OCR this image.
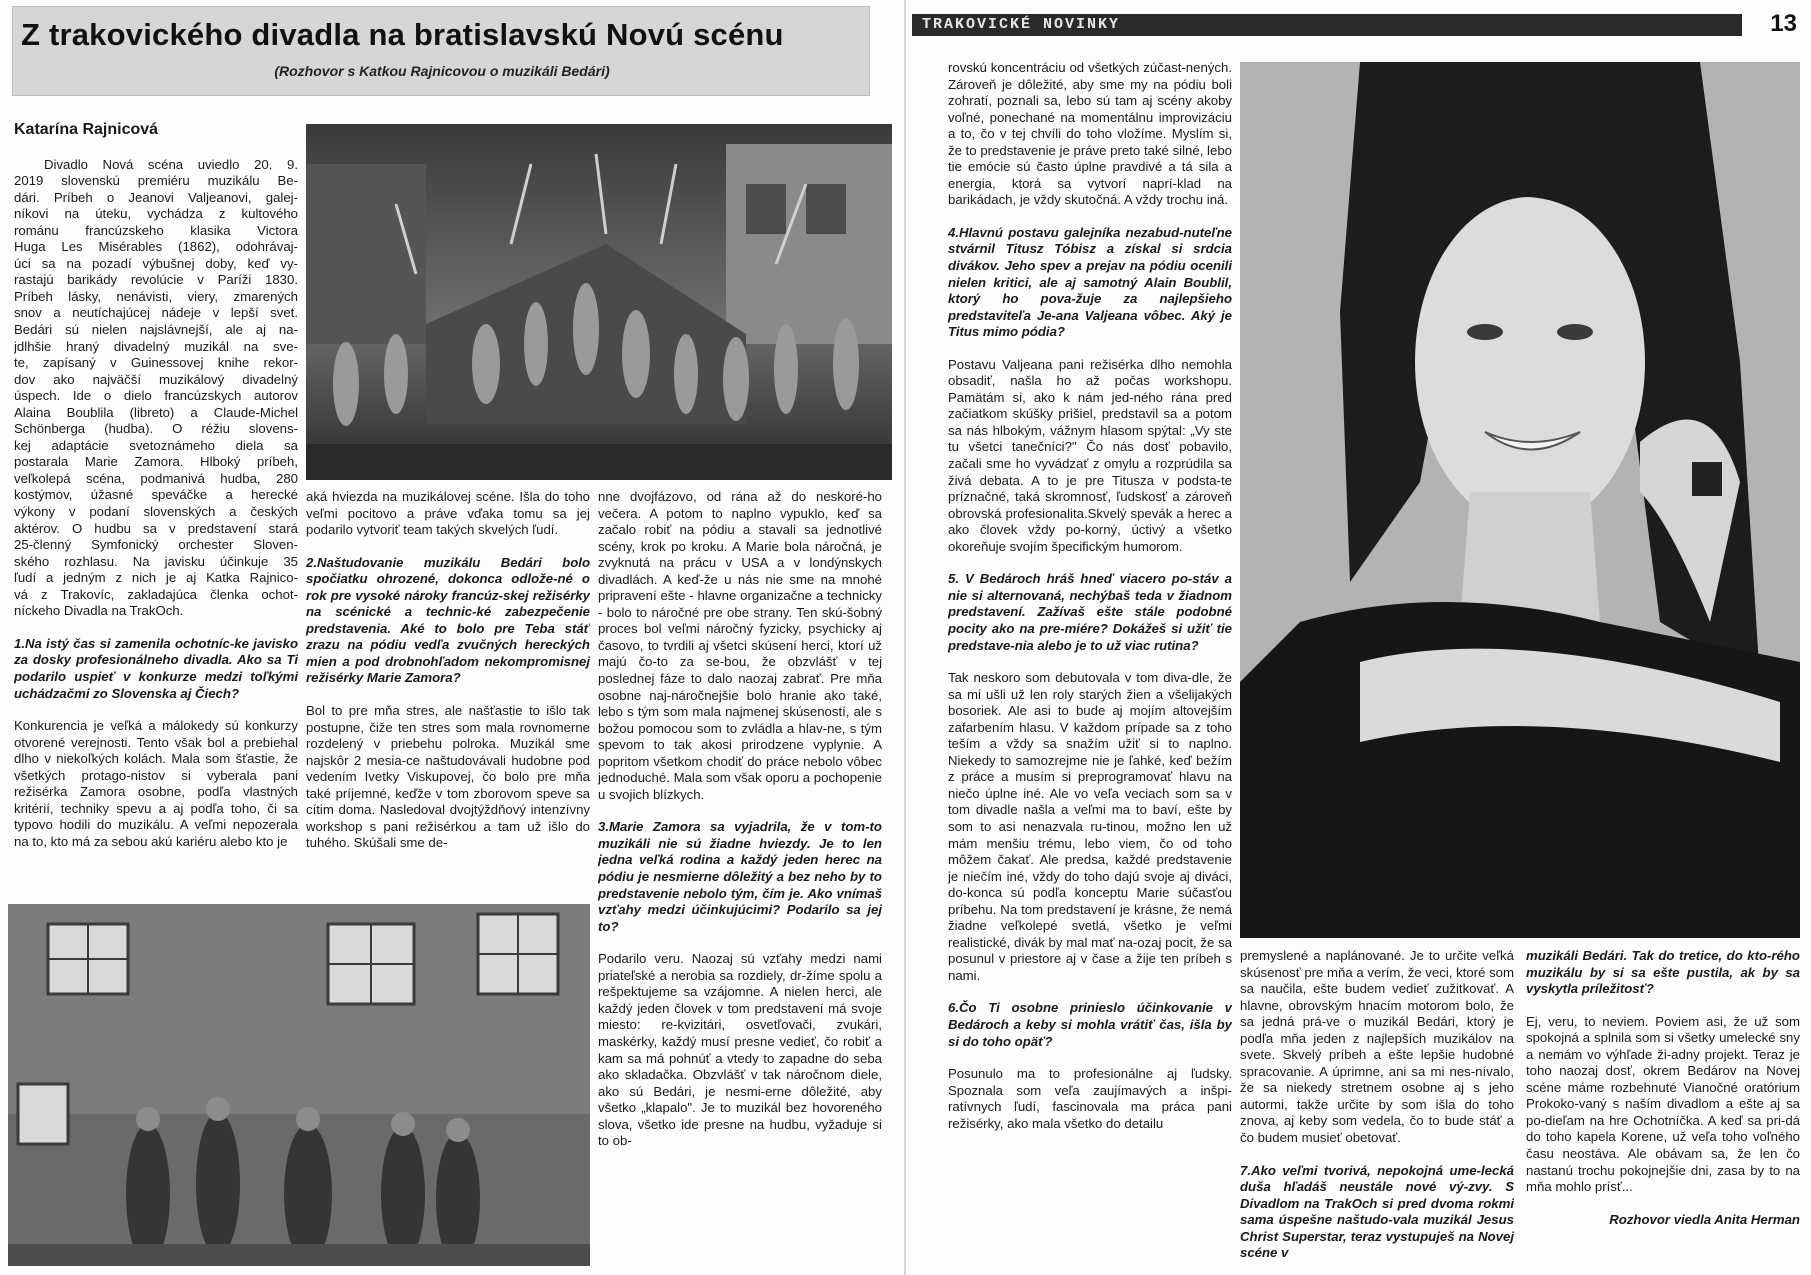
Z trakovického divadla na bratislavskú Novú scénu
(Rozhovor s Katkou Rajnicovou o muzikáli Bedári)
Katarína Rajnicová
Divadlo Nová scéna uviedlo 20. 9.
2019 slovenskú premiéru muzikálu Be-
dári. Príbeh o Jeanovi Valjeanovi, galej-
níkovi na úteku, vychádza z kultového
románu francúzskeho klasika Victora
Huga Les Misérables (1862), odohrávaj-
úci sa na pozadí výbušnej doby, keď vy-
rastajú barikády revolúcie v Paríži 1830.
Príbeh lásky, nenávisti, viery, zmarených
snov a neutíchajúcej nádeje v lepší svet.
Bedári sú nielen najslávnejší, ale aj na-
jdlhšie hraný divadelný muzikál na sve-
te, zapísaný v Guinessovej knihe rekor-
dov ako najväčší muzikálový divadelný
úspech. Ide o dielo francúzskych autorov
Alaina Boublila (libreto) a Claude-Michel
Schönberga (hudba). O réžiu slovens-
kej adaptácie svetoznámeho diela sa
postarala Marie Zamora. Hlboký príbeh,
veľkolepá scéna, podmanivá hudba, 280
kostýmov, úžasné speváčke a herecké
výkony v podaní slovenských a českých
aktérov. O hudbu sa v predstavení stará
25-členný Symfonický orchester Sloven-
ského rozhlasu. Na javisku účinkuje 35
ľudí a jedným z nich je aj Katka Rajnico-
vá z Trakovíc, zakladajúca členka ochot-
níckeho Divadla na TrakOch.

1.Na istý čas si zamenila ochotníc-ke javisko za dosky profesionálneho divadla. Ako sa Ti podarilo uspieť v konkurze medzi toľkými uchádzačmi zo Slovenska aj Čiech?

Konkurencia je veľká a málokedy sú konkurzy otvorené verejnosti. Tento však bol a prebiehal dlho v niekoľkých kolách. Mala som šťastie, že všetkých protago-nistov si vyberala pani režisérka Zamora osobne, podľa vlastných kritérií, techniky spevu a aj podľa toho, či sa typovo hodili do muzikálu. A veľmi nepozerala na to, kto má za sebou akú kariéru alebo kto je

aká hviezda na muzikálovej scéne. Išla do toho veľmi pocitovo a práve vďaka tomu sa jej podarilo vytvoriť team takých skvelých ľudí.

2.Naštudovanie muzikálu Bedári bolo spočiatku ohrozené, dokonca odlože-né o rok pre vysoké nároky francúz-skej režisérky na scénické a technic-ké zabezpečenie predstavenia. Aké to bolo pre Teba stáť zrazu na pódiu vedľa zvučných hereckých mien a pod drobnohľadom nekompromisnej režisérky Marie Zamora?

Bol to pre mňa stres, ale našťastie to išlo tak postupne, čiže ten stres som mala rovnomerne rozdelený v priebehu polroka. Muzikál sme najskôr 2 mesia-ce naštudovávali hudobne pod vedením Ivetky Viskupovej, čo bolo pre mňa také príjemné, keďže v tom zborovom speve sa cítim doma. Nasledoval dvojtýždňový intenzívny workshop s pani režisérkou a tam už išlo do tuhého. Skúšali sme de-

nne dvojfázovo, od rána až do neskoré-ho večera. A potom to naplno vypuklo, keď sa začalo robiť na pódiu a stavali sa jednotlivé scény, krok po kroku. A Marie bola náročná, je zvyknutá na prácu v USA a v londýnskych divadlách. A keď-že u nás nie sme na mnohé pripravení ešte - hlavne organizačne a technicky - bolo to náročné pre obe strany. Ten skú-šobný proces bol veľmi náročný fyzicky, psychicky aj časovo, to tvrdili aj všetci skúsení herci, ktorí už majú čo-to za se-bou, že obzvlášť v tej poslednej fáze to dalo naozaj zabrať. Pre mňa osobne naj-náročnejšie bolo hranie ako také, lebo s tým som mala najmenej skúseností, ale s božou pomocou som to zvládla a hlav-ne, s tým spevom to tak akosi prirodzene vyplynie. A popritom všetkom chodiť do práce nebolo vôbec jednoduché. Mala som však oporu a pochopenie u svojich blízkych.

3.Marie Zamora sa vyjadrila, že v tom-to muzikáli nie sú žiadne hviezdy. Je to len jedna veľká rodina a každý jeden herec na pódiu je nesmierne dôležitý a bez neho by to predstavenie nebolo tým, čím je. Ako vnímaš vzťahy medzi účinkujúcimi? Podarilo sa jej to?

Podarilo veru. Naozaj sú vzťahy medzi nami priateľské a nerobia sa rozdiely, dr-žíme spolu a rešpektujeme sa vzájomne. A nielen herci, ale každý jeden človek v tom predstavení má svoje miesto: re-kvizitári, osvetľovači, zvukári, maskérky, každý musí presne vedieť, čo robiť a kam sa má pohnúť a vtedy to zapadne do seba ako skladačka. Obzvlášť v tak náročnom diele, ako sú Bedári, je nesmi-erne dôležité, aby všetko „klapalo". Je to muzikál bez hovoreného slova, všetko ide presne na hudbu, vyžaduje si to ob-

TRAKOVICKÉ NOVINKY	13

rovskú koncentráciu od všetkých zúčast-nených. Zároveň je dôležité, aby sme my na pódiu boli zohratí, poznali sa, lebo sú tam aj scény akoby voľné, ponechané na momentálnu improvizáciu a to, čo v tej chvíli do toho vložíme. Myslím si, že to predstavenie je práve preto také silné, lebo tie emócie sú často úplne pravdivé a tá sila a energia, ktorá sa vytvorí naprí-klad na barikádach, je vždy skutočná. A vždy trochu iná.

4.Hlavnú postavu galejníka nezabud-nuteľne stvárnil Titusz Tóbisz a získal si srdcia divákov. Jeho spev a prejav na pódiu ocenili nielen kritici, ale aj samotný Alain Boublil, ktorý ho pova-žuje za najlepšieho predstaviteľa Je-ana Valjeana vôbec. Aký je Titus mimo pódia?

Postavu Valjeana pani režisérka dlho nemohla obsadiť, našla ho až počas workshopu. Pamätám si, ako k nám jed-ného rána pred začiatkom skúšky prišiel, predstavil sa a potom sa nás hlbokým, vážnym hlasom spýtal: „Vy ste tu všetci tanečníci?" Čo nás dosť pobavilo, začali sme ho vyvádzať z omylu a rozprúdila sa živá debata. A to je pre Titusza v podsta-te príznačné, taká skromnosť, ľudskosť a zároveň obrovská profesionalita.Skvelý spevák a herec a ako človek vždy po-korný, úctivý a všetko okoreňuje svojím špecifickým humorom.

5. V Bedároch hráš hneď viacero po-stáv a nie si alternovaná, nechýbaš teda v žiadnom predstavení. Zažívaš ešte stále podobné pocity ako na pre-miére? Dokážeš si užiť tie predstave-nia alebo je to už viac rutina?

Tak neskoro som debutovala v tom diva-dle, že sa mi ušli už len roly starých žien a všelijakých bosoriek. Ale asi to bude aj mojím altovejším zafarbením hlasu. V každom prípade sa z toho teším a vždy sa snažím užiť si to naplno. Niekedy to samozrejme nie je ľahké, keď bežím z práce a musím si preprogramovať hlavu na niečo úplne iné. Ale vo veľa veciach som sa v tom divadle našla a veľmi ma to baví, ešte by som to asi nenazvala ru-tinou, možno len už mám menšiu trému, lebo viem, čo od toho môžem čakať. Ale predsa, každé predstavenie je niečím iné, vždy do toho dajú svoje aj diváci, do-konca sú podľa konceptu Marie súčasťou príbehu. Na tom predstavení je krásne, že nemá žiadne veľkolepé svetlá, všetko je veľmi realistické, divák by mal mať na-ozaj pocit, že sa posunul v priestore aj v čase a žije ten príbeh s nami.

6.Čo Ti osobne prinieslo účinkovanie v Bedároch a keby si mohla vrátiť čas, išla by si do toho opäť?

Posunulo ma to profesionálne aj ľudsky. Spoznala som veľa zaujímavých a inšpi-ratívnych ľudí, fascinovala ma práca pani režisérky, ako mala všetko do detailu

premyslené a naplánované. Je to určite veľká skúsenosť pre mňa a verím, že veci, ktoré som sa naučila, ešte budem vedieť zužitkovať. A hlavne, obrovským hnacím motorom bolo, že sa jedná prá-ve o muzikál Bedári, ktorý je podľa mňa jeden z najlepších muzikálov na svete. Skvelý príbeh a ešte lepšie hudobné spracovanie. A úprimne, ani sa mi nes-nívalo, že sa niekedy stretnem osobne aj s jeho autormi, takže určite by som išla do toho znova, aj keby som vedela, čo to bude stáť a čo budem musieť obetovať.

7.Ako veľmi tvorivá, nepokojná ume-lecká duša hľadáš neustále nové vý-zvy. S Divadlom na TrakOch si pred dvoma rokmi sama úspešne naštudo-vala muzikál Jesus Christ Superstar, teraz vystupuješ na Novej scéne v

muzikáli Bedári. Tak do tretice, do kto-rého muzikálu by si sa ešte pustila, ak by sa vyskytla príležitosť?

Ej, veru, to neviem. Poviem asi, že už som spokojná a splnila som si všetky umelecké sny a nemám vo výhľade ži-adny projekt. Teraz je toho naozaj dosť, okrem Bedárov na Novej scéne máme rozbehnuté Vianočné oratórium Prokoko-vaný s naším divadlom a ešte aj sa po-dieľam na hre Ochotníčka. A keď sa pri-dá do toho kapela Korene, už veľa toho voľného času neostáva. Ale obávam sa, že len čo nastanú trochu pokojnejšie dni, zasa by to na mňa mohlo prísť...

Rozhovor viedla Anita Herman
